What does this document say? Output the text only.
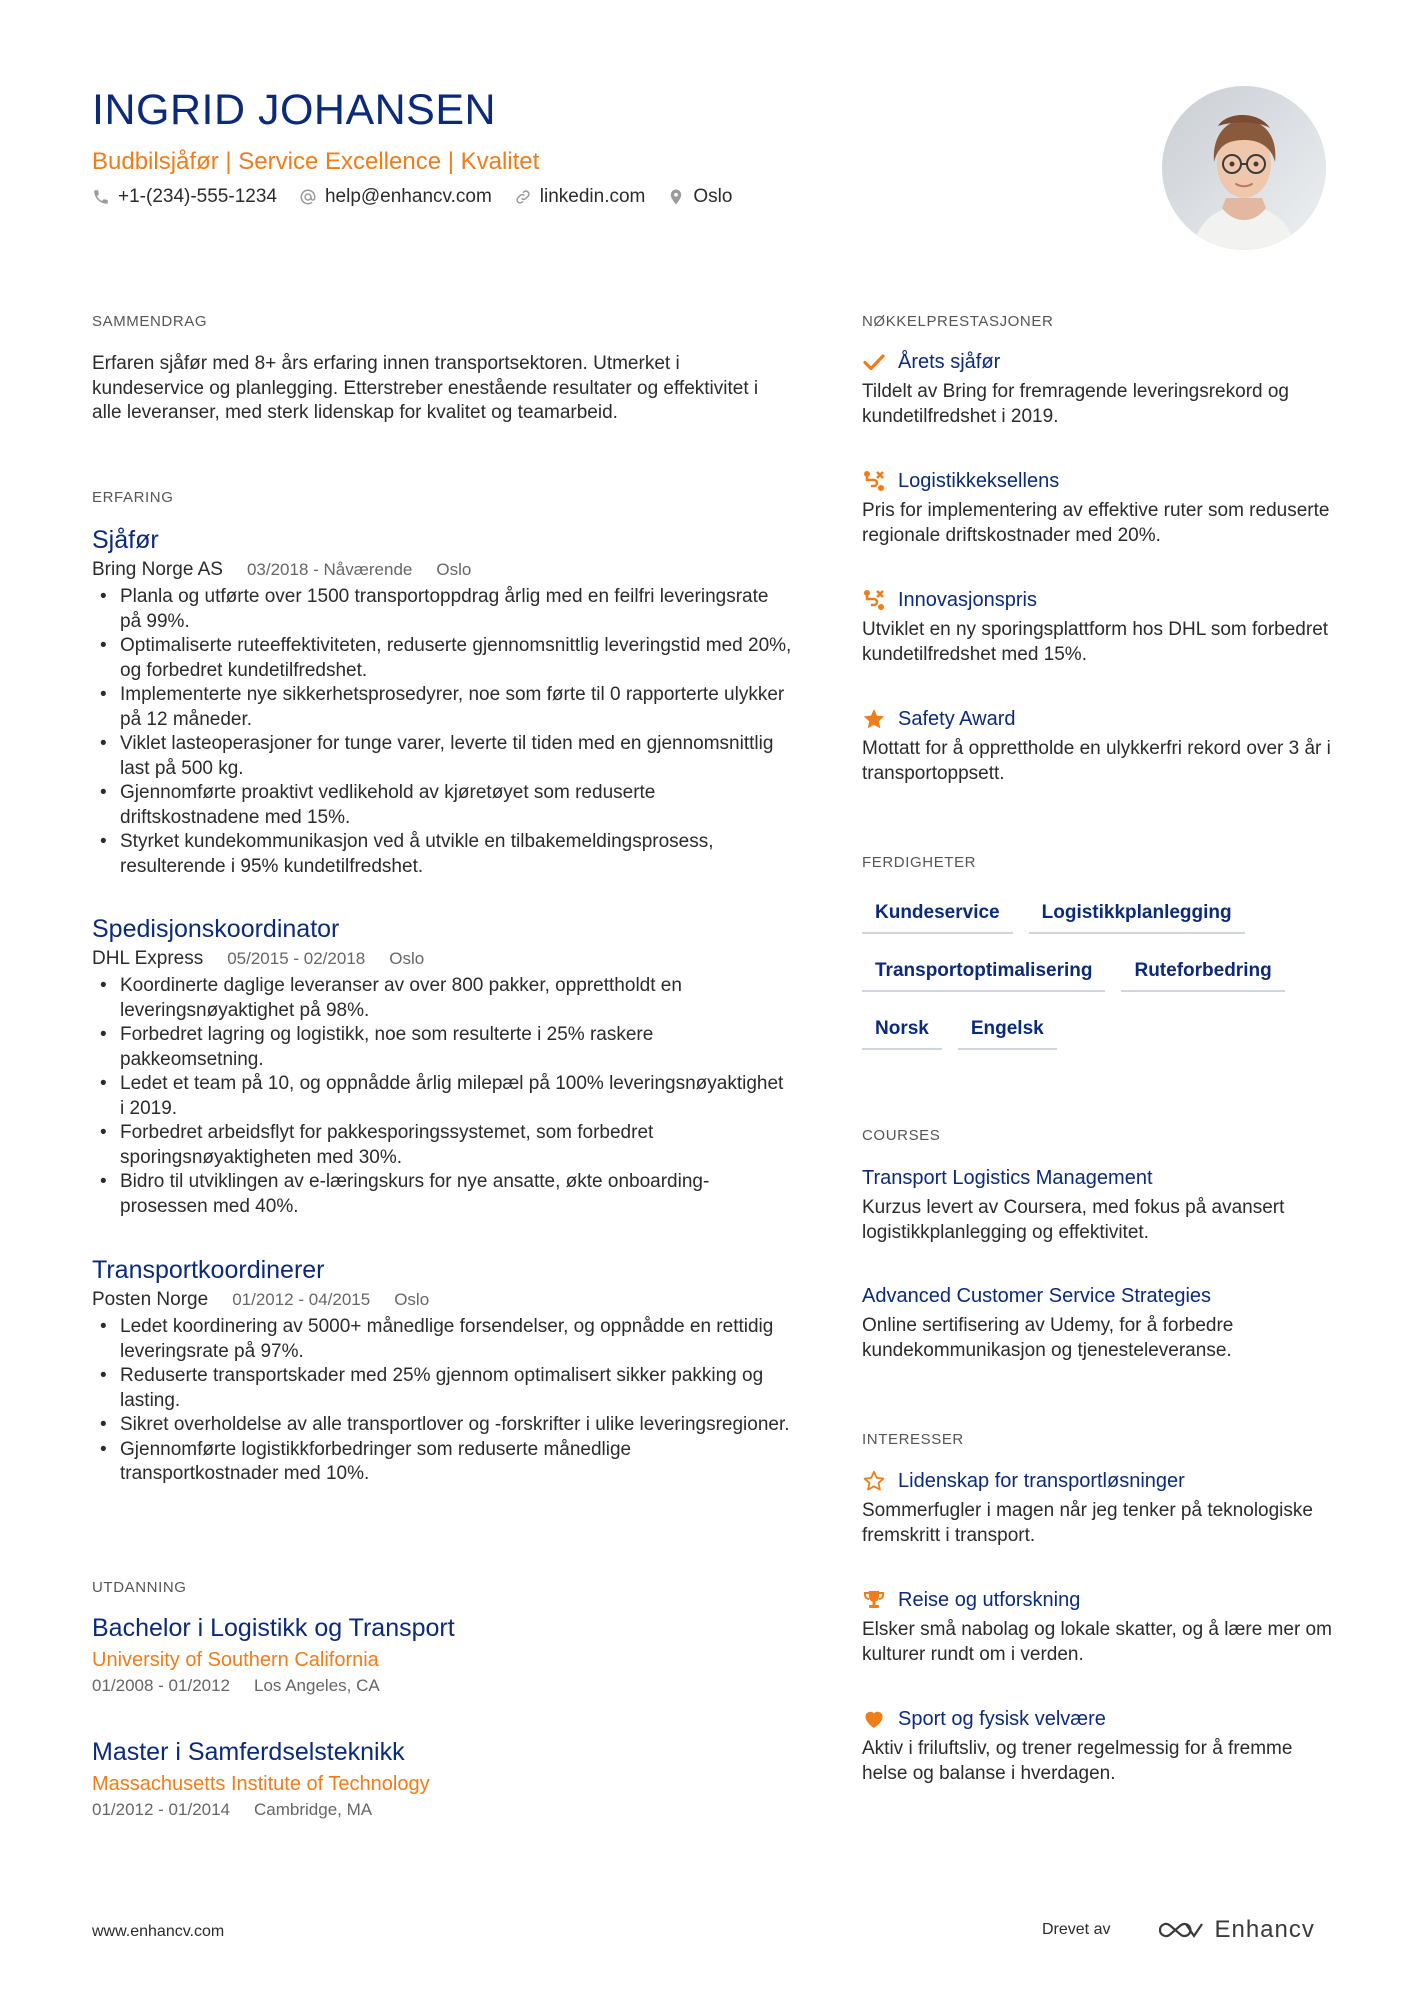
INGRID JOHANSEN
Budbilsjåfør | Service Excellence | Kvalitet
+1-(234)-555-1234	help@enhancv.com	linkedin.com	Oslo
SAMMENDRAG
Erfaren sjåfør med 8+ års erfaring innen transportsektoren. Utmerket i kundeservice og planlegging. Etterstreber enestående resultater og effektivitet i alle leveranser, med sterk lidenskap for kvalitet og teamarbeid.
ERFARING
Sjåfør
Bring Norge AS 03/2018 - Nåværende Oslo
• Planla og utførte over 1500 transportoppdrag årlig med en feilfri leveringsrate på 99%.
• Optimaliserte ruteeffektiviteten, reduserte gjennomsnittlig leveringstid med 20%, og forbedret kundetilfredshet.
• Implementerte nye sikkerhetsprosedyrer, noe som førte til 0 rapporterte ulykker på 12 måneder.
• Viklet lasteoperasjoner for tunge varer, leverte til tiden med en gjennomsnittlig last på 500 kg.
• Gjennomførte proaktivt vedlikehold av kjøretøyet som reduserte driftskostnadene med 15%.
• Styrket kundekommunikasjon ved å utvikle en tilbakemeldingsprosess, resulterende i 95% kundetilfredshet.
Spedisjonskoordinator
DHL Express 05/2015 - 02/2018 Oslo
• Koordinerte daglige leveranser av over 800 pakker, opprettholdt en leveringsnøyaktighet på 98%.
• Forbedret lagring og logistikk, noe som resulterte i 25% raskere pakkeomsetning.
• Ledet et team på 10, og oppnådde årlig milepæl på 100% leveringsnøyaktighet i 2019.
• Forbedret arbeidsflyt for pakkesporingssystemet, som forbedret sporingsnøyaktigheten med 30%.
• Bidro til utviklingen av e-læringskurs for nye ansatte, økte onboarding-prosessen med 40%.
Transportkoordinerer
Posten Norge 01/2012 - 04/2015 Oslo
• Ledet koordinering av 5000+ månedlige forsendelser, og oppnådde en rettidig leveringsrate på 97%.
• Reduserte transportskader med 25% gjennom optimalisert sikker pakking og lasting.
• Sikret overholdelse av alle transportlover og -forskrifter i ulike leveringsregioner.
• Gjennomførte logistikkforbedringer som reduserte månedlige transportkostnader med 10%.
UTDANNING
Bachelor i Logistikk og Transport
University of Southern California
01/2008 - 01/2012 Los Angeles, CA
Master i Samferdselsteknikk
Massachusetts Institute of Technology
01/2012 - 01/2014 Cambridge, MA
NØKKELPRESTASJONER
Årets sjåfør
Tildelt av Bring for fremragende leveringsrekord og kundetilfredshet i 2019.
Logistikkeksellens
Pris for implementering av effektive ruter som reduserte regionale driftskostnader med 20%.
Innovasjonspris
Utviklet en ny sporingsplattform hos DHL som forbedret kundetilfredshet med 15%.
Safety Award
Mottatt for å opprettholde en ulykkerfri rekord over 3 år i transportoppsett.
FERDIGHETER
Kundeservice	Logistikkplanlegging
Transportoptimalisering	Ruteforbedring
Norsk	Engelsk
COURSES
Transport Logistics Management
Kurzus levert av Coursera, med fokus på avansert logistikkplanlegging og effektivitet.
Advanced Customer Service Strategies
Online sertifisering av Udemy, for å forbedre kundekommunikasjon og tjenesteleveranse.
INTERESSER
Lidenskap for transportløsninger
Sommerfugler i magen når jeg tenker på teknologiske fremskritt i transport.
Reise og utforskning
Elsker små nabolag og lokale skatter, og å lære mer om kulturer rundt om i verden.
Sport og fysisk velvære
Aktiv i friluftsliv, og trener regelmessig for å fremme helse og balanse i hverdagen.
www.enhancv.com	Drevet av	Enhancv
